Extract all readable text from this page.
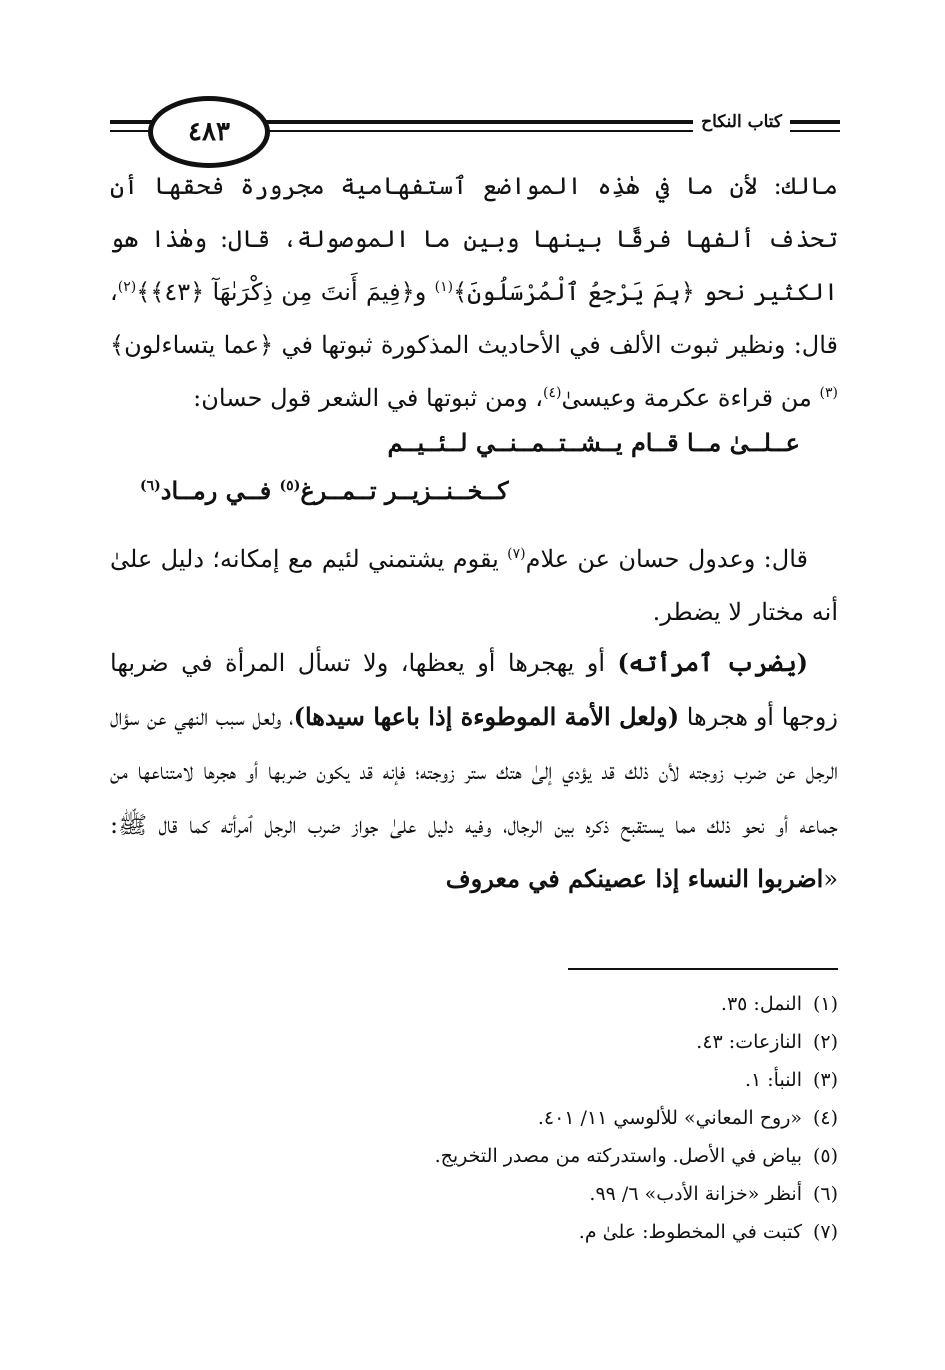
٤٨٣	كتاب النكاح

مالك: لأن ما في هٰذِه المواضع ٱستفهامية مجرورة فحقها أن تحذف ألفها فرقًا بينها وبين ما الموصولة، قال: وهٰذا هو الكثير نحو ﴿بِمَ يَرْجِعُ ٱلْمُرْسَلُونَ﴾$^{(١)}$ و﴿فِيمَ أَنتَ مِن ذِكْرَىٰهَآ ﴿٤٣﴾﴾$^{(٢)}$، قال: ونظير ثبوت الألف في الأحاديث المذكورة ثبوتها في ﴿عما يتساءلون﴾$^{(٣)}$ من قراءة عكرمة وعيسىٰ$^{(٤)}$، ومن ثبوتها في الشعر قول حسان:

عــلــىٰ مــا قــام يــشــتــمــنــي لــئــيــم
كــخــنــزيــر تــمــرغ$^{(٥)}$ فــي رمــاد$^{(٦)}$
قال: وعدول حسان عن علام$^{(٧)}$ يقوم يشتمني لئيم مع إمكانه؛ دليل علىٰ أنه مختار لا يضطر.
(يضرب ٱمرأته) أو يهجرها أو يعظها، ولا تسأل المرأة في ضربها زوجها أو هجرها (ولعل الأمة الموطوءة إذا باعها سيدها)، ولعل سبب النهي عن سؤال الرجل عن ضرب زوجته لأن ذلك قد يؤدي إلىٰ هتك ستر زوجته؛ فإنه قد يكون ضربها أو هجرها لامتناعها من جماعه أو نحو ذلك مما يستقبح ذكره بين الرجال، وفيه دليل علىٰ جواز ضرب الرجل ٱمرأته كما قال ﷺ: «اضربوا النساء إذا عصينكم في معروف
(١)النمل: ٣٥.
(٢)النازعات: ٤٣.
(٣)النبأ: ١.
(٤)«روح المعاني» للألوسي ١١/ ٤٠١.
(٥)بياض في الأصل. واستدركته من مصدر التخريج.
(٦)أنظر «خزانة الأدب» ٦/ ٩٩.
(٧)كتبت في المخطوط: علىٰ م.
